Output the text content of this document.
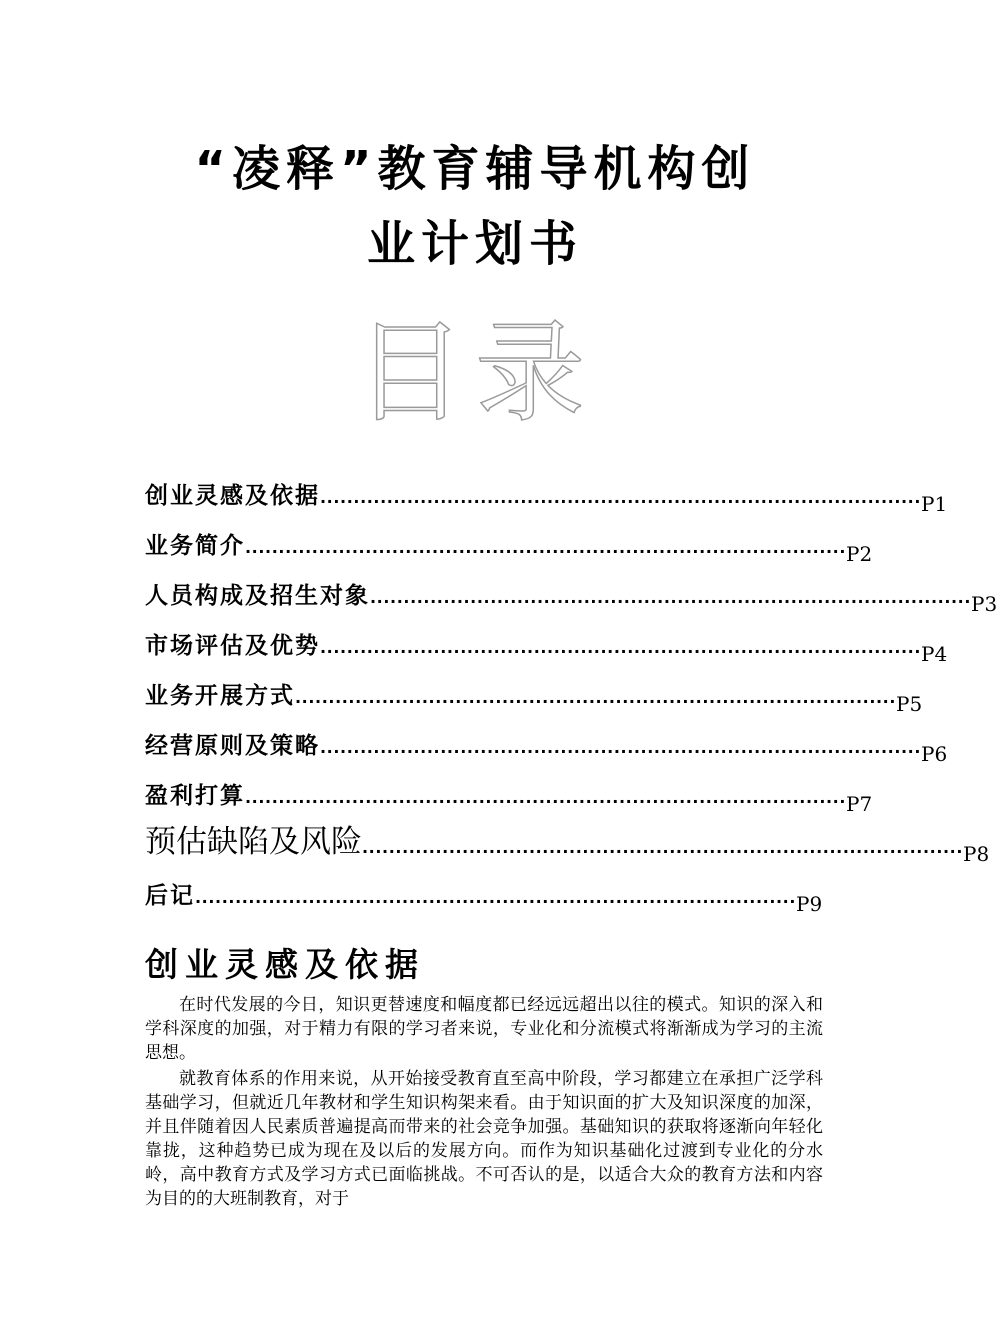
“凌释”教育辅导机构创
业计划书
目录
创业灵感及依据 .......................................................................................... P1
业务简介 .......................................................................................... P2
人员构成及招生对象 .......................................................................................... P3
市场评估及优势 .......................................................................................... P4
业务开展方式 .......................................................................................... P5
经营原则及策略 .......................................................................................... P6
盈利打算 .......................................................................................... P7
预估缺陷及风险 .......................................................................................... P8
后记 .......................................................................................... P9
创业灵感及依据

在时代发展的今日，知识更替速度和幅度都已经远远超出以往的模式。知识的深入和学科深度的加强，对于精力有限的学习者来说，专业化和分流模式将渐渐成为学习的主流思想。

就教育体系的作用来说，从开始接受教育直至高中阶段，学习都建立在承担广泛学科基础学习，但就近几年教材和学生知识构架来看。由于知识面的扩大及知识深度的加深，并且伴随着因人民素质普遍提高而带来的社会竞争加强。基础知识的获取将逐渐向年轻化靠拢，这种趋势已成为现在及以后的发展方向。而作为知识基础化过渡到专业化的分水岭，高中教育方式及学习方式已面临挑战。不可否认的是，以适合大众的教育方法和内容为目的的大班制教育，对于
